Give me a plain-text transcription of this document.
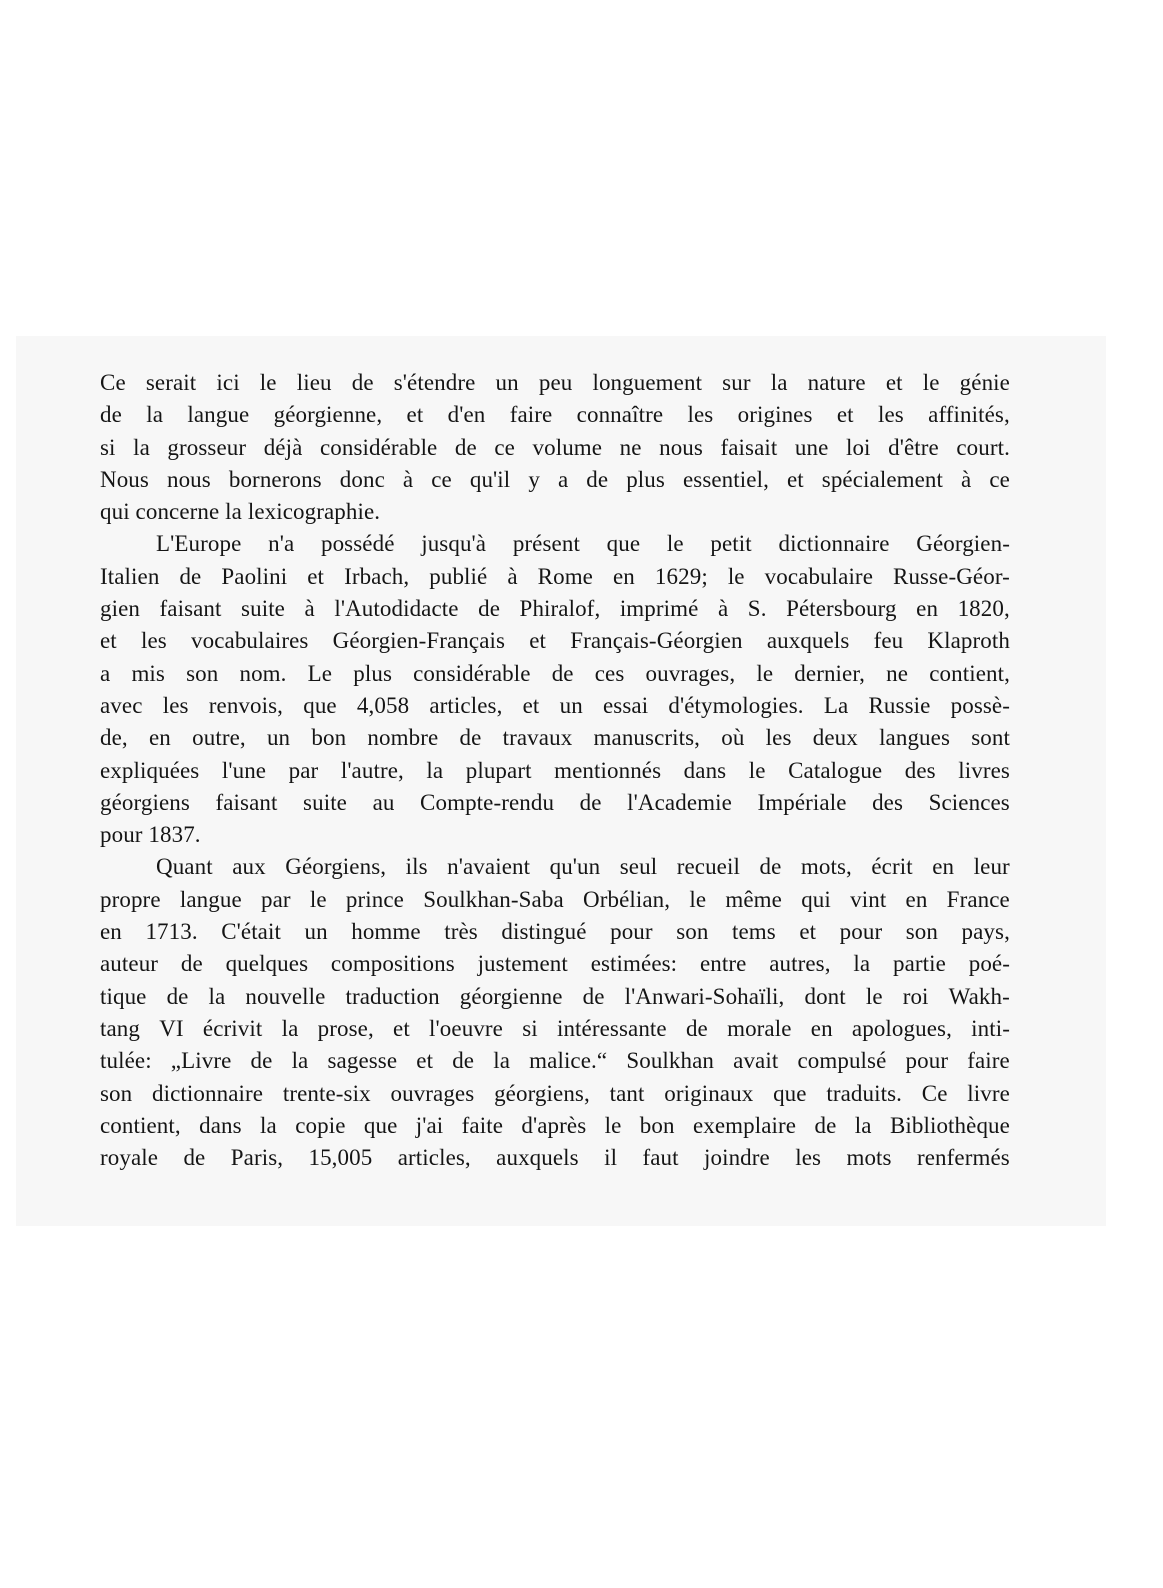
Ce serait ici le lieu de s'étendre un peu longuement sur la nature et le génie
de la langue géorgienne, et d'en faire connaître les origines et les affinités,
si la grosseur déjà considérable de ce volume ne nous faisait une loi d'être court.
Nous nous bornerons donc à ce qu'il y a de plus essentiel, et spécialement à ce
qui concerne la lexicographie.
L'Europe n'a possédé jusqu'à présent que le petit dictionnaire Géorgien-
Italien de Paolini et Irbach, publié à Rome en 1629; le vocabulaire Russe-Géor-
gien faisant suite à l'Autodidacte de Phiralof, imprimé à S. Pétersbourg en 1820,
et les vocabulaires Géorgien-Français et Français-Géorgien auxquels feu Klaproth
a mis son nom. Le plus considérable de ces ouvrages, le dernier, ne contient,
avec les renvois, que 4,058 articles, et un essai d'étymologies. La Russie possè-
de, en outre, un bon nombre de travaux manuscrits, où les deux langues sont
expliquées l'une par l'autre, la plupart mentionnés dans le Catalogue des livres
géorgiens faisant suite au Compte-rendu de l'Academie Impériale des Sciences
pour 1837.
Quant aux Géorgiens, ils n'avaient qu'un seul recueil de mots, écrit en leur
propre langue par le prince Soulkhan-Saba Orbélian, le même qui vint en France
en 1713. C'était un homme très distingué pour son tems et pour son pays,
auteur de quelques compositions justement estimées: entre autres, la partie poé-
tique de la nouvelle traduction géorgienne de l'Anwari-Sohaïli, dont le roi Wakh-
tang VI écrivit la prose, et l'oeuvre si intéressante de morale en apologues, inti-
tulée: „Livre de la sagesse et de la malice.“ Soulkhan avait compulsé pour faire
son dictionnaire trente-six ouvrages géorgiens, tant originaux que traduits. Ce livre
contient, dans la copie que j'ai faite d'après le bon exemplaire de la Bibliothèque
royale de Paris, 15,005 articles, auxquels il faut joindre les mots renfermés
